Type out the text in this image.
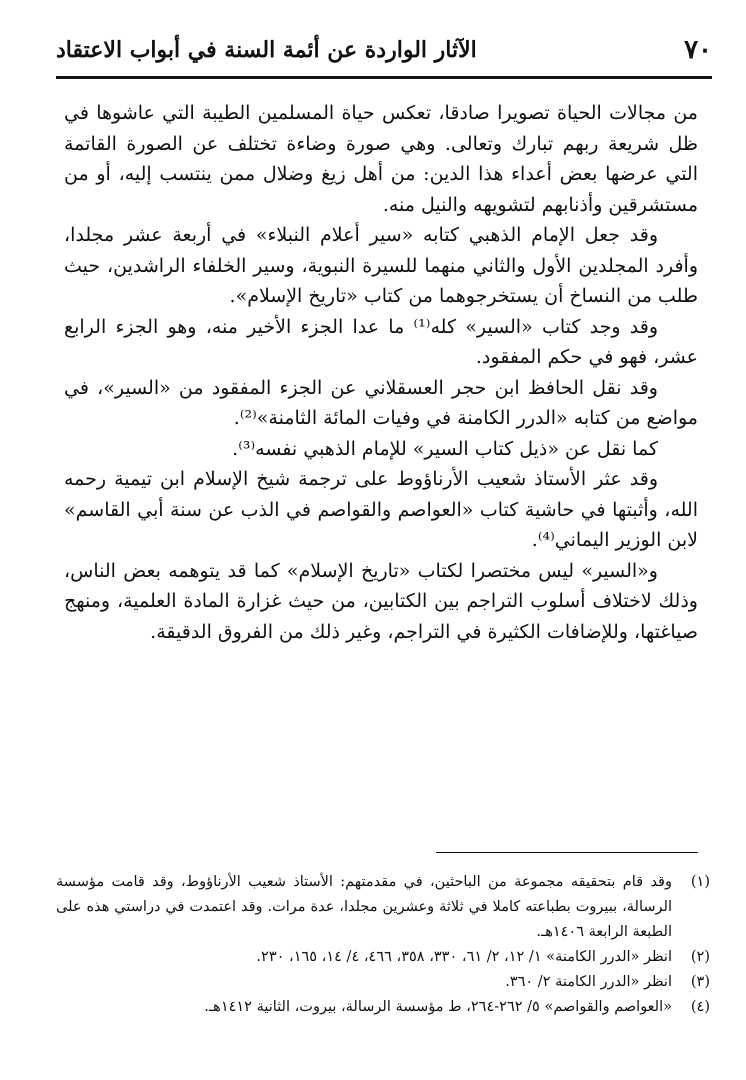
٧٠
الآثار الواردة عن أئمة السنة في أبواب الاعتقاد

من مجالات الحياة تصويرا صادقا، تعكس حياة المسلمين الطيبة التي عاشوها في ظل شريعة ربهم تبارك وتعالى. وهي صورة وضاءة تختلف عن الصورة القاتمة التي عرضها بعض أعداء هذا الدين: من أهل زيغ وضلال ممن ينتسب إليه، أو من مستشرقين وأذنابهم لتشويهه والنيل منه.

وقد جعل الإمام الذهبي كتابه «سير أعلام النبلاء» في أربعة عشر مجلدا، وأفرد المجلدين الأول والثاني منهما للسيرة النبوية، وسير الخلفاء الراشدين، حيث طلب من النساخ أن يستخرجوهما من كتاب «تاريخ الإسلام».

وقد وجد كتاب «السير» كله⁽¹⁾ ما عدا الجزء الأخير منه، وهو الجزء الرابع عشر، فهو في حكم المفقود.

وقد نقل الحافظ ابن حجر العسقلاني عن الجزء المفقود من «السير»، في مواضع من كتابه «الدرر الكامنة في وفيات المائة الثامنة»⁽²⁾.

كما نقل عن «ذيل كتاب السير» للإمام الذهبي نفسه⁽³⁾.

وقد عثر الأستاذ شعيب الأرناؤوط على ترجمة شيخ الإسلام ابن تيمية رحمه الله، وأثبتها في حاشية كتاب «العواصم والقواصم في الذب عن سنة أبي القاسم» لابن الوزير اليماني⁽⁴⁾.

و«السير» ليس مختصرا لكتاب «تاريخ الإسلام» كما قد يتوهمه بعض الناس، وذلك لاختلاف أسلوب التراجم بين الكتابين، من حيث غزارة المادة العلمية، ومنهج صياغتها، وللإضافات الكثيرة في التراجم، وغير ذلك من الفروق الدقيقة.

(١)
وقد قام بتحقيقه مجموعة من الباحثين، في مقدمتهم: الأستاذ شعيب الأرناؤوط، وقد قامت مؤسسة الرسالة، ببيروت بطباعته كاملا في ثلاثة وعشرين مجلدا، عدة مرات. وقد اعتمدت في دراستي هذه على الطبعة الرابعة ١٤٠٦هـ.
(٢)
انظر «الدرر الكامنة» ١/ ١٢، ٢/ ٦١، ٣٣٠، ٣٥٨، ٤٦٦، ٤/ ١٤، ١٦٥، ٢٣٠.
(٣)
انظر «الدرر الكامنة ٢/ ٣٦٠.
(٤)
«العواصم والقواصم» ٥/ ٢٦٢-٢٦٤، ط مؤسسة الرسالة، بيروت، الثانية ١٤١٢هـ.
